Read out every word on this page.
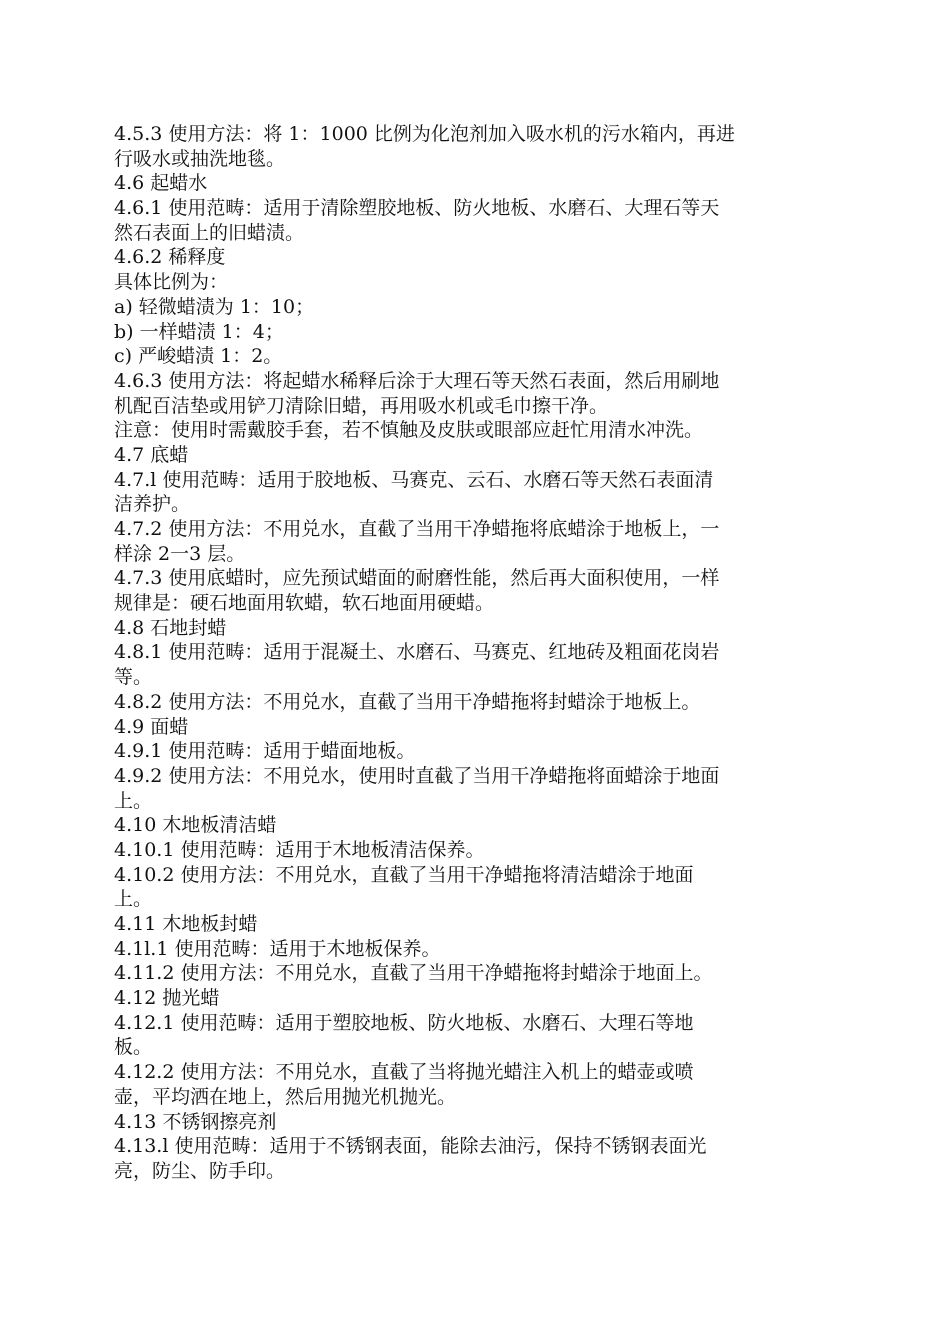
4.5.3 使用方法：将 1：1000 比例为化泡剂加入吸水机的污水箱内，再进
行吸水或抽洗地毯。
4.6 起蜡水
4.6.1 使用范畴：适用于清除塑胶地板、防火地板、水磨石、大理石等天
然石表面上的旧蜡渍。
4.6.2 稀释度
具体比例为：
a) 轻微蜡渍为 1：10；
b) 一样蜡渍 1：4；
c) 严峻蜡渍 1：2。
4.6.3 使用方法：将起蜡水稀释后涂于大理石等天然石表面，然后用刷地
机配百洁垫或用铲刀清除旧蜡，再用吸水机或毛巾擦干净。
注意：使用时需戴胶手套，若不慎触及皮肤或眼部应赶忙用清水冲洗。
4.7 底蜡
4.7.l 使用范畴：适用于胶地板、马赛克、云石、水磨石等天然石表面清
洁养护。
4.7.2 使用方法：不用兑水，直截了当用干净蜡拖将底蜡涂于地板上，一
样涂 2一3 层。
4.7.3 使用底蜡时，应先预试蜡面的耐磨性能，然后再大面积使用，一样
规律是：硬石地面用软蜡，软石地面用硬蜡。
4.8 石地封蜡
4.8.1 使用范畴：适用于混凝土、水磨石、马赛克、红地砖及粗面花岗岩
等。
4.8.2 使用方法：不用兑水，直截了当用干净蜡拖将封蜡涂于地板上。
4.9 面蜡
4.9.1 使用范畴：适用于蜡面地板。
4.9.2 使用方法：不用兑水，使用时直截了当用干净蜡拖将面蜡涂于地面
上。
4.10 木地板清洁蜡
4.10.1 使用范畴：适用于木地板清洁保养。
4.10.2 使用方法：不用兑水，直截了当用干净蜡拖将清洁蜡涂于地面
上。
4.11 木地板封蜡
4.1l.1 使用范畴：适用于木地板保养。
4.11.2 使用方法：不用兑水，直截了当用干净蜡拖将封蜡涂于地面上。
4.12 抛光蜡
4.12.1 使用范畴：适用于塑胶地板、防火地板、水磨石、大理石等地
板。
4.12.2 使用方法：不用兑水，直截了当将抛光蜡注入机上的蜡壶或喷
壶，平均洒在地上，然后用抛光机抛光。
4.13 不锈钢擦亮剂
4.13.l 使用范畴：适用于不锈钢表面，能除去油污，保持不锈钢表面光
亮，防尘、防手印。
